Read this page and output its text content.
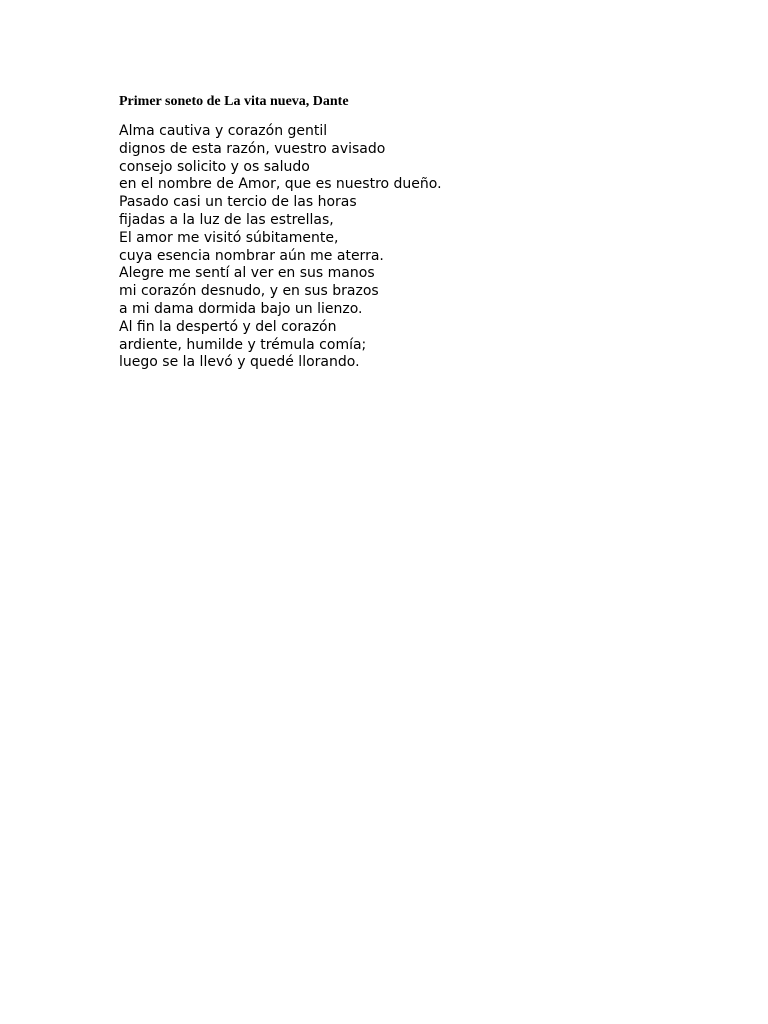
Primer soneto de La vita nueva, Dante
Alma cautiva y corazón gentil
dignos de esta razón, vuestro avisado
consejo solicito y os saludo
en el nombre de Amor, que es nuestro dueño.
Pasado casi un tercio de las horas
fijadas a la luz de las estrellas,
El amor me visitó súbitamente,
cuya esencia nombrar aún me aterra.
Alegre me sentí al ver en sus manos
mi corazón desnudo, y en sus brazos
a mi dama dormida bajo un lienzo.
Al fin la despertó y del corazón
ardiente, humilde y trémula comía;
luego se la llevó y quedé llorando.
